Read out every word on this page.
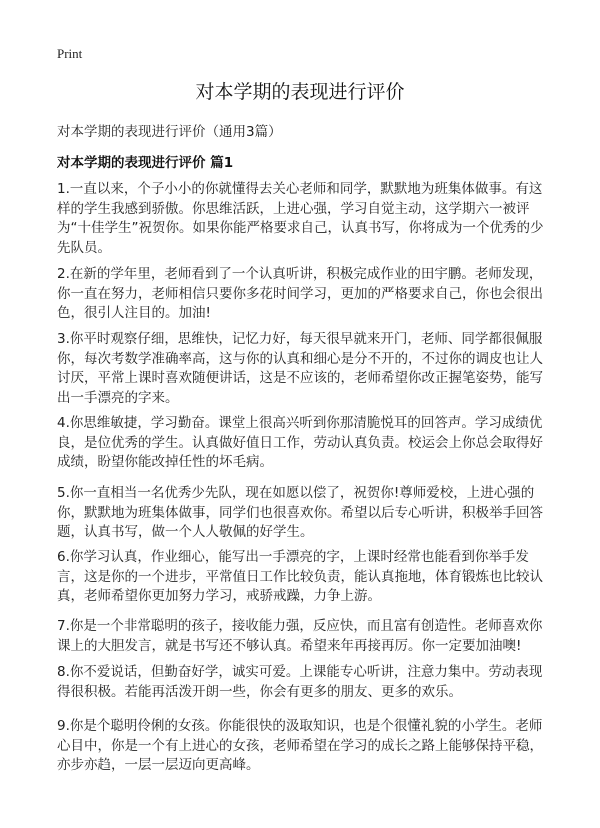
Print
对本学期的表现进行评价

对本学期的表现进行评价（通用3篇）

对本学期的表现进行评价 篇1

1.一直以来，个子小小的你就懂得去关心老师和同学，默默地为班集体做事。有这样的学生我感到骄傲。你思维活跃，上进心强，学习自觉主动，这学期六一被评为“十佳学生”祝贺你。如果你能严格要求自己，认真书写，你将成为一个优秀的少先队员。

2.在新的学年里，老师看到了一个认真听讲，积极完成作业的田宇鹏。老师发现，你一直在努力，老师相信只要你多花时间学习，更加的严格要求自己，你也会很出色，很引人注目的。加油!

3.你平时观察仔细，思维快，记忆力好，每天很早就来开门，老师、同学都很佩服你，每次考数学准确率高，这与你的认真和细心是分不开的，不过你的调皮也让人讨厌，平常上课时喜欢随便讲话，这是不应该的，老师希望你改正握笔姿势，能写出一手漂亮的字来。

4.你思维敏捷，学习勤奋。课堂上很高兴听到你那清脆悦耳的回答声。学习成绩优良，是位优秀的学生。认真做好值日工作，劳动认真负责。校运会上你总会取得好成绩，盼望你能改掉任性的坏毛病。

5.你一直相当一名优秀少先队，现在如愿以偿了，祝贺你!尊师爱校，上进心强的你，默默地为班集体做事，同学们也很喜欢你。希望以后专心听讲，积极举手回答题，认真书写，做一个人人敬佩的好学生。

6.你学习认真，作业细心，能写出一手漂亮的字，上课时经常也能看到你举手发言，这是你的一个进步，平常值日工作比较负责，能认真拖地，体育锻炼也比较认真，老师希望你更加努力学习，戒骄戒躁，力争上游。

7.你是一个非常聪明的孩子，接收能力强，反应快，而且富有创造性。老师喜欢你课上的大胆发言，就是书写还不够认真。希望来年再接再厉。你一定要加油噢!

8.你不爱说话，但勤奋好学，诚实可爱。上课能专心听讲，注意力集中。劳动表现得很积极。若能再活泼开朗一些，你会有更多的朋友、更多的欢乐。

9.你是个聪明伶俐的女孩。你能很快的汲取知识，也是个很懂礼貌的小学生。老师心目中，你是一个有上进心的女孩，老师希望在学习的成长之路上能够保持平稳，亦步亦趋，一层一层迈向更高峰。
